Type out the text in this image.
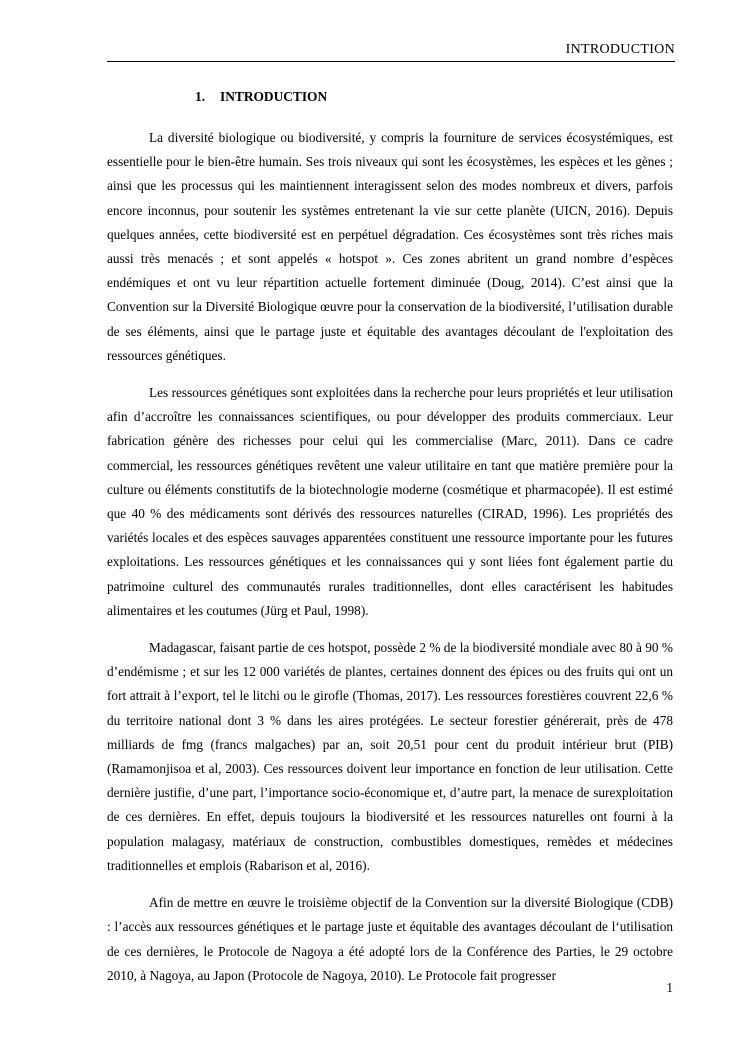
INTRODUCTION
1. INTRODUCTION

La diversité biologique ou biodiversité, y compris la fourniture de services écosystémiques, est essentielle pour le bien-être humain. Ses trois niveaux qui sont les écosystèmes, les espèces et les gènes ; ainsi que les processus qui les maintiennent interagissent selon des modes nombreux et divers, parfois encore inconnus, pour soutenir les systèmes entretenant la vie sur cette planète (UICN, 2016). Depuis quelques années, cette biodiversité est en perpétuel dégradation. Ces écosystèmes sont très riches mais aussi très menacés ; et sont appelés « hotspot ». Ces zones abritent un grand nombre d’espèces endémiques et ont vu leur répartition actuelle fortement diminuée (Doug, 2014). C’est ainsi que la Convention sur la Diversité Biologique œuvre pour la conservation de la biodiversité, l’utilisation durable de ses éléments, ainsi que le partage juste et équitable des avantages découlant de l'exploitation des ressources génétiques.

Les ressources génétiques sont exploitées dans la recherche pour leurs propriétés et leur utilisation afin d’accroître les connaissances scientifiques, ou pour développer des produits commerciaux. Leur fabrication génère des richesses pour celui qui les commercialise (Marc, 2011). Dans ce cadre commercial, les ressources génétiques revêtent une valeur utilitaire en tant que matière première pour la culture ou éléments constitutifs de la biotechnologie moderne (cosmétique et pharmacopée). Il est estimé que 40 % des médicaments sont dérivés des ressources naturelles (CIRAD, 1996). Les propriétés des variétés locales et des espèces sauvages apparentées constituent une ressource importante pour les futures exploitations. Les ressources génétiques et les connaissances qui y sont liées font également partie du patrimoine culturel des communautés rurales traditionnelles, dont elles caractérisent les habitudes alimentaires et les coutumes (Jürg et Paul, 1998).

Madagascar, faisant partie de ces hotspot, possède 2 % de la biodiversité mondiale avec 80 à 90 % d’endémisme ; et sur les 12 000 variétés de plantes, certaines donnent des épices ou des fruits qui ont un fort attrait à l’export, tel le litchi ou le girofle (Thomas, 2017). Les ressources forestières couvrent 22,6 % du territoire national dont 3 % dans les aires protégées. Le secteur forestier générerait, près de 478 milliards de fmg (francs malgaches) par an, soit 20,51 pour cent du produit intérieur brut (PIB) (Ramamonjisoa et al, 2003). Ces ressources doivent leur importance en fonction de leur utilisation. Cette dernière justifie, d’une part, l’importance socio-économique et, d’autre part, la menace de surexploitation de ces dernières. En effet, depuis toujours la biodiversité et les ressources naturelles ont fourni à la population malagasy, matériaux de construction, combustibles domestiques, remèdes et médecines traditionnelles et emplois (Rabarison et al, 2016).

Afin de mettre en œuvre le troisième objectif de la Convention sur la diversité Biologique (CDB) : l’accès aux ressources génétiques et le partage juste et équitable des avantages découlant de l‘utilisation de ces dernières, le Protocole de Nagoya a été adopté lors de la Conférence des Parties, le 29 octobre 2010, à Nagoya, au Japon (Protocole de Nagoya, 2010). Le Protocole fait progresser

1
